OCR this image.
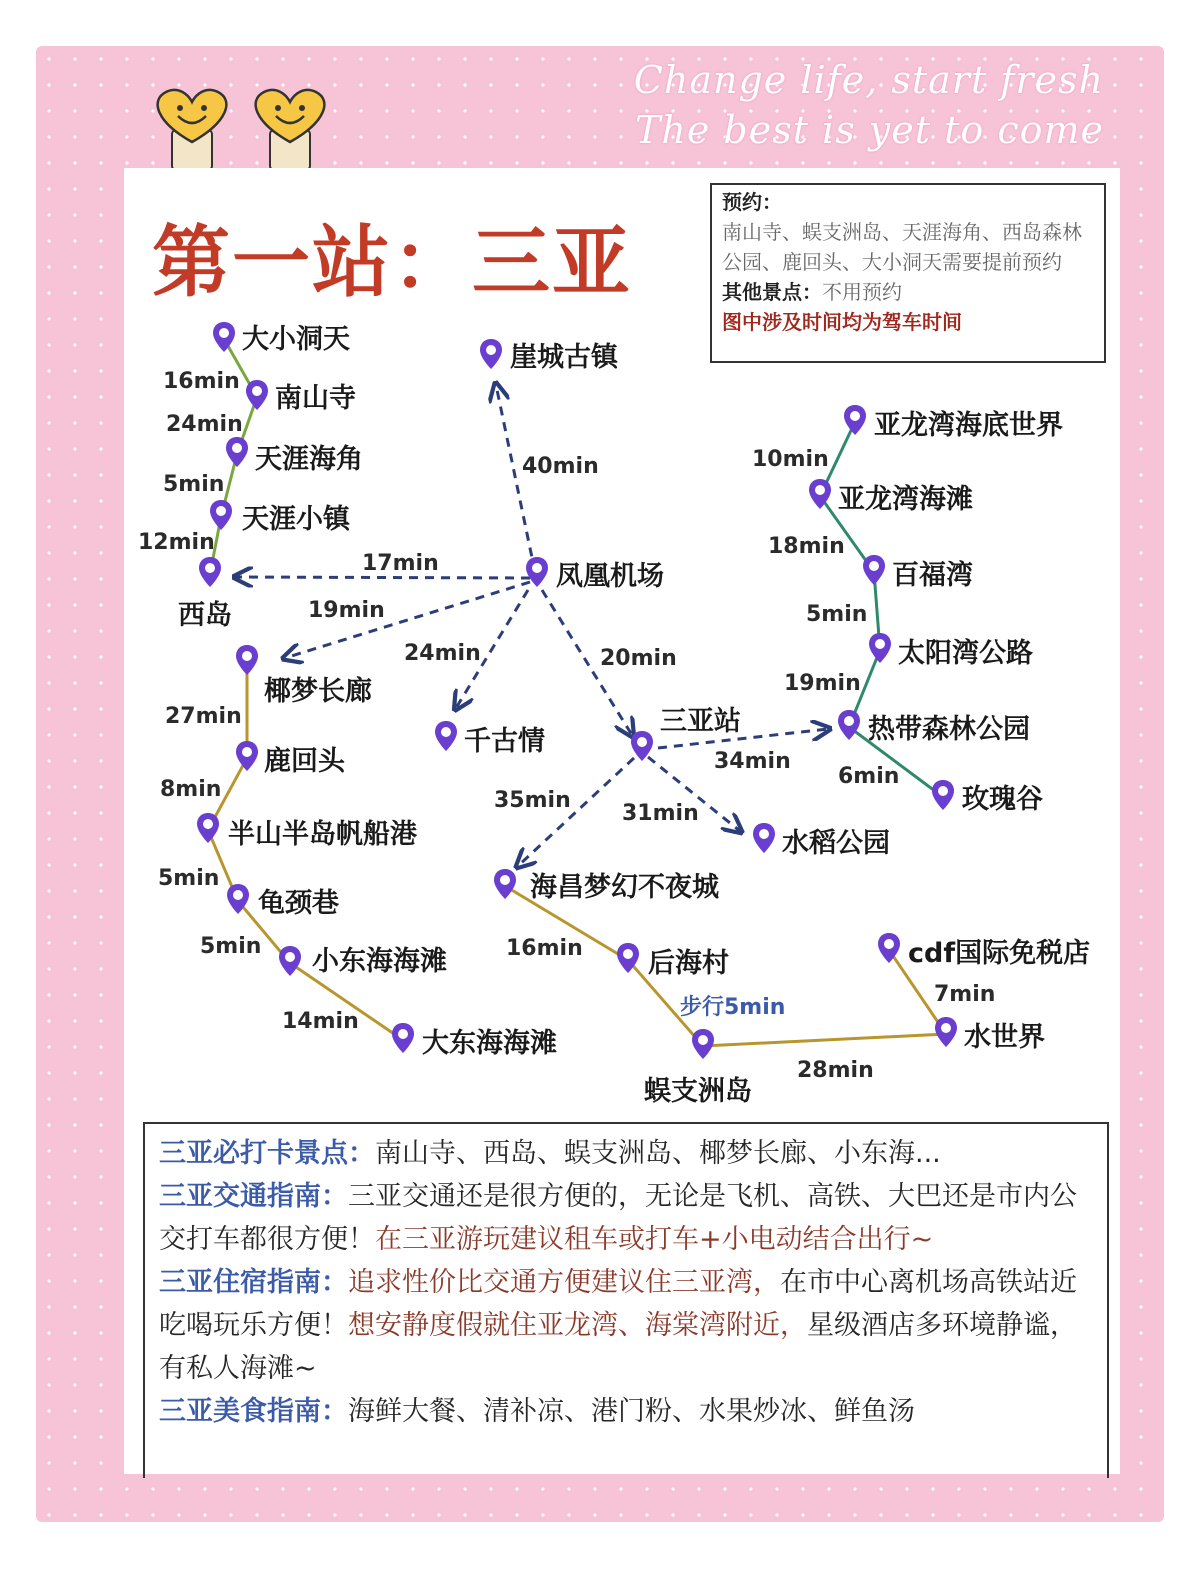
Change life, start fresh
The best is yet to come
第一站：三亚
预约：
南山寺、蜈支洲岛、天涯海角、西岛森林公园、鹿回头、大小洞天需要提前预约
其他景点：不用预约
图中涉及时间均为驾车时间
大小洞天
南山寺
天涯海角
天涯小镇
西岛
椰梦长廊
鹿回头
半山半岛帆船港
龟颈巷
小东海海滩
大东海海滩
崖城古镇
凤凰机场
千古情
三亚站
水稻公园
海昌梦幻不夜城
后海村
蜈支洲岛
cdf国际免税店
水世界
亚龙湾海底世界
亚龙湾海滩
百福湾
太阳湾公路
热带森林公园
玫瑰谷
16min
24min
5min
12min
17min
19min
40min
24min	20min
27min
8min
5min
5min
14min
35min
31min
34min
16min
步行5min
28min
7min
10min
18min
5min
19min
6min

三亚必打卡景点：南山寺、西岛、蜈支洲岛、椰梦长廊、小东海...

三亚交通指南：三亚交通还是很方便的，无论是飞机、高铁、大巴还是市内公交打车都很方便！在三亚游玩建议租车或打车+小电动结合出行~

三亚住宿指南：追求性价比交通方便建议住三亚湾，在市中心离机场高铁站近吃喝玩乐方便！想安静度假就住亚龙湾、海棠湾附近，星级酒店多环境静谧，有私人海滩~

三亚美食指南：海鲜大餐、清补凉、港门粉、水果炒冰、鲜鱼汤
